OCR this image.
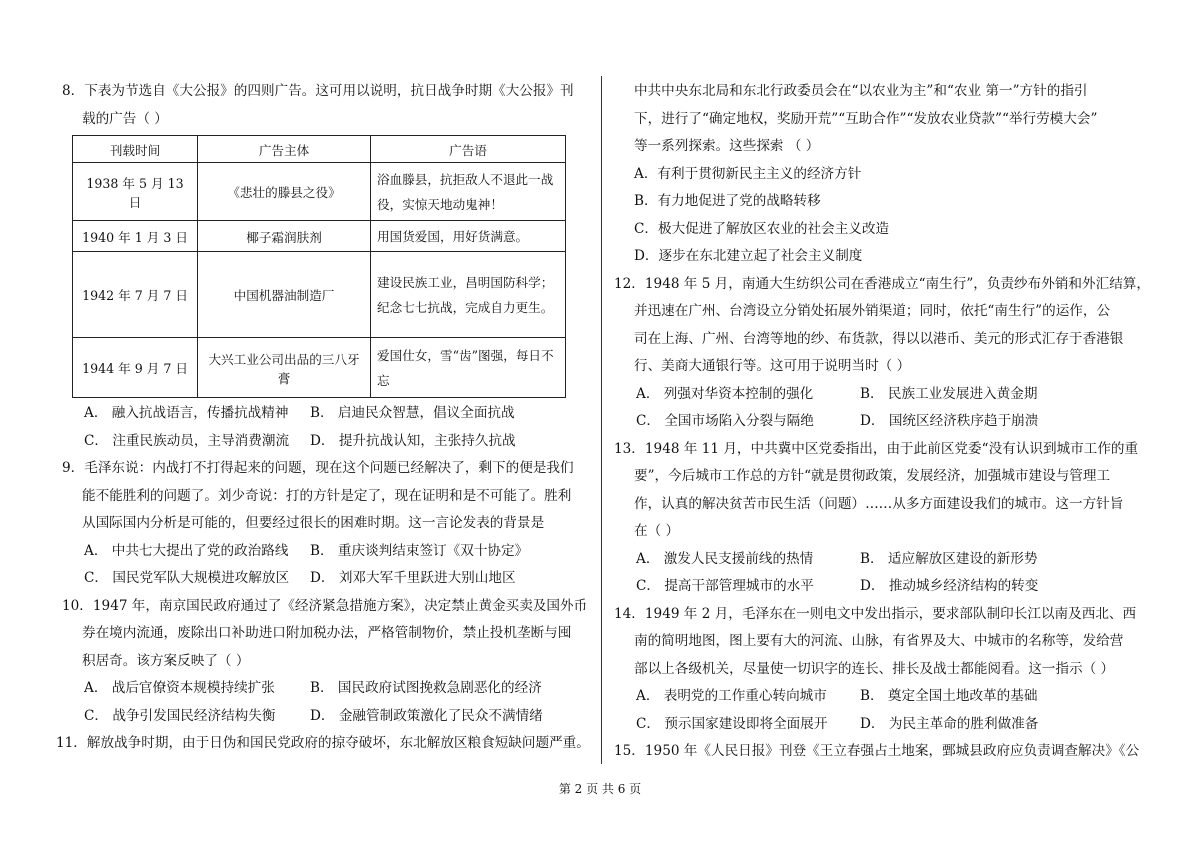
8．下表为节选自《大公报》的四则广告。这可用以说明，抗日战争时期《大公报》刊
载的广告（ ）
刊载时间	广告主体	广告语
1938 年 5 月 13 日	《悲壮的滕县之役》	浴血滕县，抗拒敌人不退此一战役，实惊天地动鬼神！
1940 年 1 月 3 日	椰子霜润肤剂	用国货爱国，用好货满意。
1942 年 7 月 7 日	中国机器油制造厂	建设民族工业，昌明国防科学；纪念七七抗战，完成自力更生。
1944 年 9 月 7 日	大兴工业公司出品的三八牙膏	爱国仕女，雪“齿”图强，每日不忘
A． 融入抗战语言，传播抗战精神 B． 启迪民众智慧，倡议全面抗战
C． 注重民族动员，主导消费潮流 D． 提升抗战认知，主张持久抗战
9．毛泽东说：内战打不打得起来的问题，现在这个问题已经解决了，剩下的便是我们
能不能胜利的问题了。刘少奇说：打的方针是定了，现在证明和是不可能了。胜利
从国际国内分析是可能的，但要经过很长的困难时期。这一言论发表的背景是
A． 中共七大提出了党的政治路线 B． 重庆谈判结束签订《双十协定》
C． 国民党军队大规模进攻解放区 D． 刘邓大军千里跃进大别山地区
10．1947 年，南京国民政府通过了《经济紧急措施方案》，决定禁止黄金买卖及国外币
券在境内流通，废除出口补助进口附加税办法，严格管制物价，禁止投机垄断与囤
积居奇。该方案反映了（ ）
A． 战后官僚资本规模持续扩张	B． 国民政府试图挽救急剧恶化的经济
C． 战争引发国民经济结构失衡	D． 金融管制政策激化了民众不满情绪
11．解放战争时期，由于日伪和国民党政府的掠夺破坏，东北解放区粮食短缺问题严重。
中共中央东北局和东北行政委员会在“以农业为主”和“农业 第一”方针的指引
下，进行了“确定地权，奖励开荒”“互助合作”“发放农业贷款”“举行劳模大会”
等一系列探索。这些探索 （ ）
A．有利于贯彻新民主主义的经济方针
B．有力地促进了党的战略转移
C．极大促进了解放区农业的社会主义改造
D．逐步在东北建立起了社会主义制度
12．1948 年 5 月，南通大生纺织公司在香港成立“南生行”，负责纱布外销和外汇结算，
并迅速在广州、台湾设立分销处拓展外销渠道；同时，依托“南生行”的运作，公
司在上海、广州、台湾等地的纱、布货款，得以以港币、美元的形式汇存于香港银
行、美商大通银行等。这可用于说明当时（ ）
A． 列强对华资本控制的强化	B． 民族工业发展进入黄金期
C． 全国市场陷入分裂与隔绝	D． 国统区经济秩序趋于崩溃
13．1948 年 11 月，中共冀中区党委指出，由于此前区党委“没有认识到城市工作的重
要”，今后城市工作总的方针“就是贯彻政策，发展经济，加强城市建设与管理工
作，认真的解决贫苦市民生活（问题）……从多方面建设我们的城市。这一方针旨
在（ ）
A． 激发人民支援前线的热情	B． 适应解放区建设的新形势
C． 提高干部管理城市的水平	D． 推动城乡经济结构的转变
14．1949 年 2 月，毛泽东在一则电文中发出指示，要求部队制印长江以南及西北、西
南的简明地图，图上要有大的河流、山脉，有省界及大、中城市的名称等，发给营
部以上各级机关，尽量使一切识字的连长、排长及战士都能阅看。这一指示（ ）
A． 表明党的工作重心转向城市 B． 奠定全国土地改革的基础
C． 预示国家建设即将全面展开 D． 为民主革命的胜利做准备
15．1950 年《人民日报》刊登《王立春强占土地案，鄄城县政府应负责调查解决》《公
第 2 页 共 6 页
